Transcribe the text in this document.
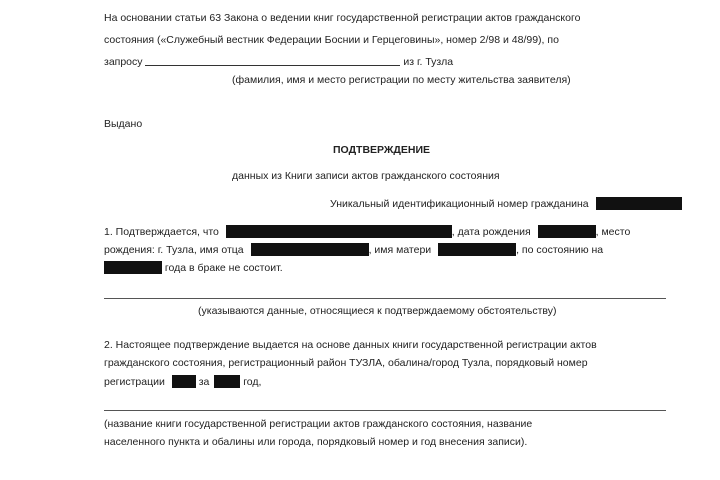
На основании статьи 63 Закона о ведении книг государственной регистрации актов гражданского
состояния («Служебный вестник Федерации Боснии и Герцеговины», номер 2/98 и 48/99), по
запросу	из г. Тузла
(фамилия, имя и место регистрации по месту жительства заявителя)
Выдано
ПОДТВЕРЖДЕНИЕ
данных из Книги записи актов гражданского состояния
Уникальный идентификационный номер гражданина
1. Подтверждается, что	, дата рождения	, место
рождения: г. Тузла, имя отца	, имя матери	, по состоянию на
года в браке не состоит.
(указываются данные, относящиеся к подтверждаемому обстоятельству)
2. Настоящее подтверждение выдается на основе данных книги государственной регистрации актов
гражданского состояния, регистрационный район ТУЗЛА, обалина/город Тузла, порядковый номер
регистрации	за	год,
(название книги государственной регистрации актов гражданского состояния, название
населенного пункта и обалины или города, порядковый номер и год внесения записи).
